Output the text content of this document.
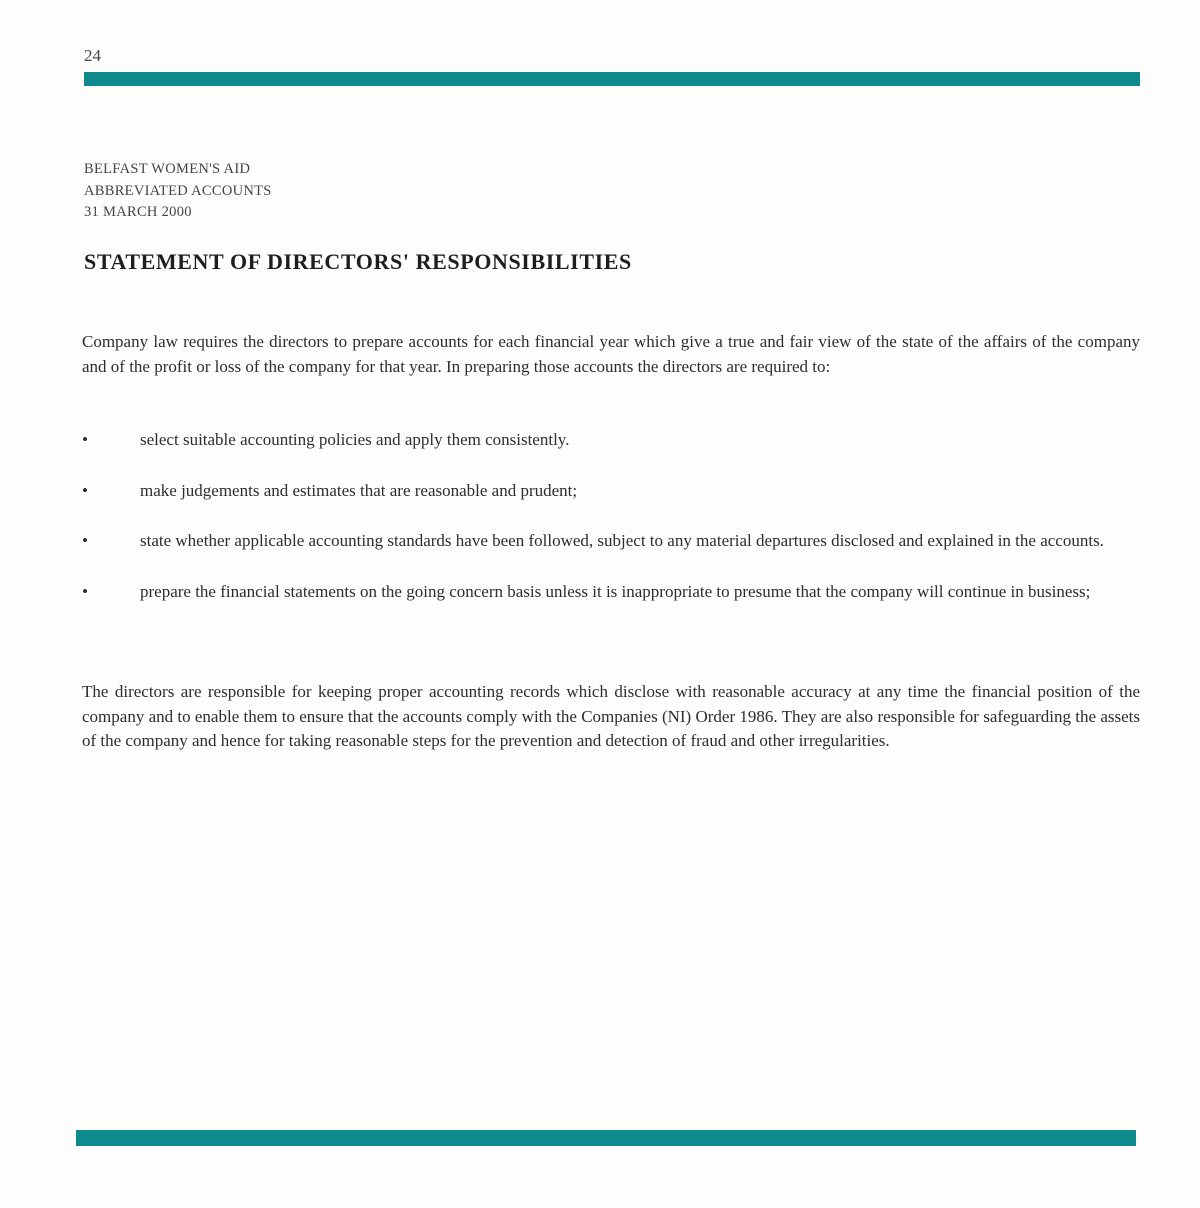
24
BELFAST WOMEN'S AID
ABBREVIATED ACCOUNTS
31 MARCH 2000
STATEMENT OF DIRECTORS' RESPONSIBILITIES

Company law requires the directors to prepare accounts for each financial year which give a true and fair view of the state of the affairs of the company and of the profit or loss of the company for that year. In preparing those accounts the directors are required to:

•	select suitable accounting policies and apply them consistently.
•	make judgements and estimates that are reasonable and prudent;
•	state whether applicable accounting standards have been followed, subject to any material departures disclosed and explained in the accounts.
•	prepare the financial statements on the going concern basis unless it is inappropriate to presume that the company will continue in business;

The directors are responsible for keeping proper accounting records which disclose with reasonable accuracy at any time the financial position of the company and to enable them to ensure that the accounts comply with the Companies (NI) Order 1986. They are also responsible for safeguarding the assets of the company and hence for taking reasonable steps for the prevention and detection of fraud and other irregularities.
